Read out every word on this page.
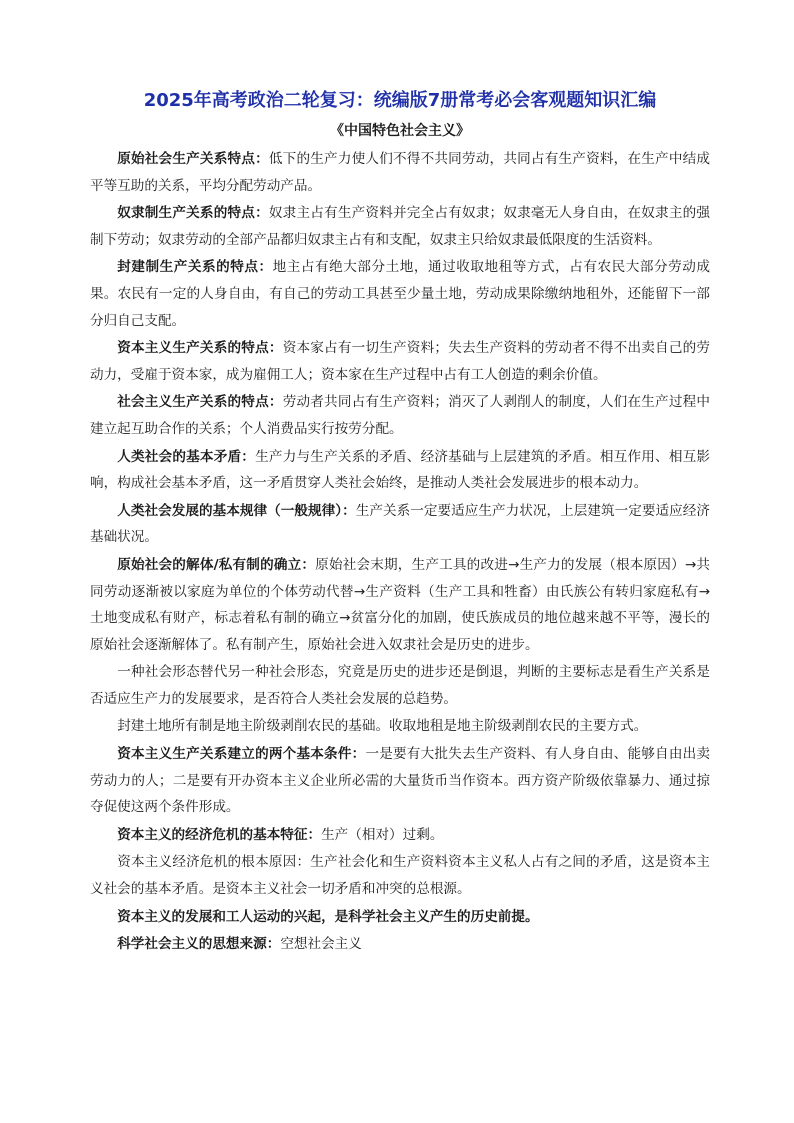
2025年高考政治二轮复习：统编版7册常考必会客观题知识汇编
《中国特色社会主义》

原始社会生产关系特点：低下的生产力使人们不得不共同劳动，共同占有生产资料，在生产中结成平等互助的关系，平均分配劳动产品。

奴隶制生产关系的特点：奴隶主占有生产资料并完全占有奴隶；奴隶毫无人身自由，在奴隶主的强制下劳动；奴隶劳动的全部产品都归奴隶主占有和支配，奴隶主只给奴隶最低限度的生活资料。

封建制生产关系的特点：地主占有绝大部分土地，通过收取地租等方式，占有农民大部分劳动成果。农民有一定的人身自由，有自己的劳动工具甚至少量土地，劳动成果除缴纳地租外，还能留下一部分归自己支配。

资本主义生产关系的特点：资本家占有一切生产资料；失去生产资料的劳动者不得不出卖自己的劳动力，受雇于资本家，成为雇佣工人；资本家在生产过程中占有工人创造的剩余价值。

社会主义生产关系的特点：劳动者共同占有生产资料；消灭了人剥削人的制度，人们在生产过程中建立起互助合作的关系；个人消费品实行按劳分配。

人类社会的基本矛盾：生产力与生产关系的矛盾、经济基础与上层建筑的矛盾。相互作用、相互影响，构成社会基本矛盾，这一矛盾贯穿人类社会始终，是推动人类社会发展进步的根本动力。

人类社会发展的基本规律（一般规律）：生产关系一定要适应生产力状况，上层建筑一定要适应经济基础状况。

原始社会的解体/私有制的确立：原始社会末期，生产工具的改进→生产力的发展（根本原因）→共同劳动逐渐被以家庭为单位的个体劳动代替→生产资料（生产工具和牲畜）由氏族公有转归家庭私有→土地变成私有财产，标志着私有制的确立→贫富分化的加剧，使氏族成员的地位越来越不平等，漫长的原始社会逐渐解体了。私有制产生，原始社会进入奴隶社会是历史的进步。

一种社会形态替代另一种社会形态，究竟是历史的进步还是倒退，判断的主要标志是看生产关系是否适应生产力的发展要求，是否符合人类社会发展的总趋势。

封建土地所有制是地主阶级剥削农民的基础。收取地租是地主阶级剥削农民的主要方式。

资本主义生产关系建立的两个基本条件：一是要有大批失去生产资料、有人身自由、能够自由出卖劳动力的人；二是要有开办资本主义企业所必需的大量货币当作资本。西方资产阶级依靠暴力、通过掠夺促使这两个条件形成。

资本主义的经济危机的基本特征：生产（相对）过剩。

资本主义经济危机的根本原因：生产社会化和生产资料资本主义私人占有之间的矛盾，这是资本主义社会的基本矛盾。是资本主义社会一切矛盾和冲突的总根源。

资本主义的发展和工人运动的兴起，是科学社会主义产生的历史前提。

科学社会主义的思想来源：空想社会主义
